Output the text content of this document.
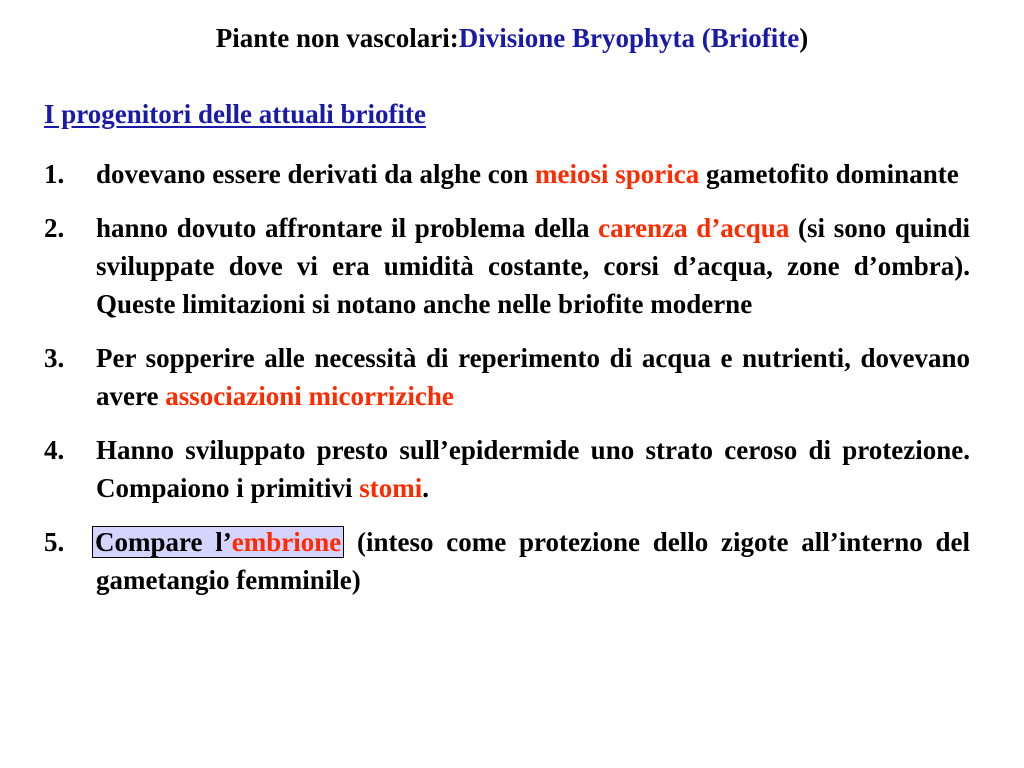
Piante non vascolari:Divisione Bryophyta (Briofite)
I progenitori delle attuali briofite
1. dovevano essere derivati da alghe con meiosi sporica gametofito dominante
2. hanno dovuto affrontare il problema della carenza d’acqua (si sono quindi sviluppate dove vi era umidità costante, corsi d’acqua, zone d’ombra). Queste limitazioni si notano anche nelle briofite moderne
3. Per sopperire alle necessità di reperimento di acqua e nutrienti, dovevano avere associazioni micorriziche
4. Hanno sviluppato presto sull’epidermide uno strato ceroso di protezione. Compaiono i primitivi stomi.
5. Compare l’embrione (inteso come protezione dello zigote all’interno del gametangio femminile)
